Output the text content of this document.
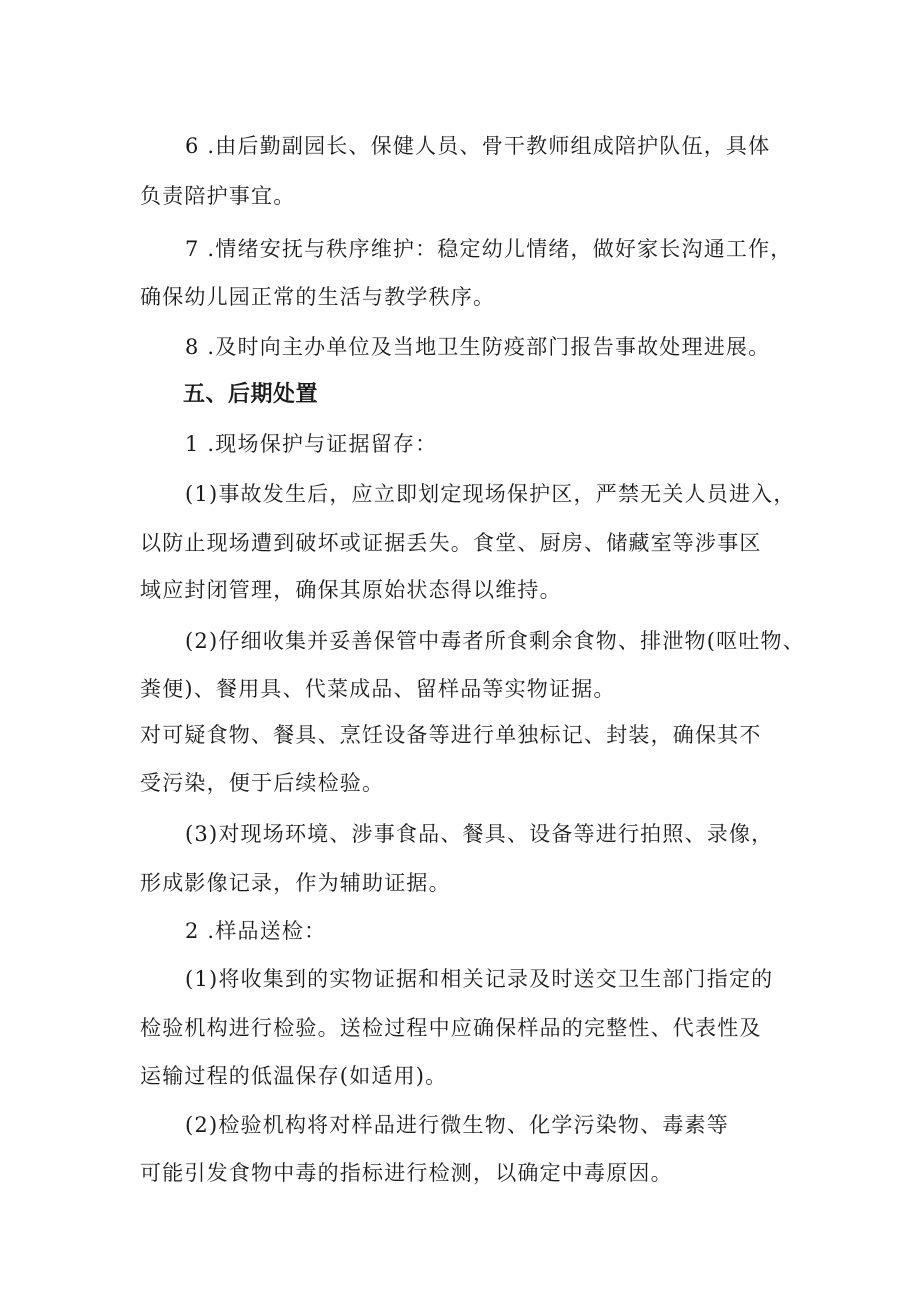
6 .由后勤副园长、保健人员、骨干教师组成陪护队伍，具体
负责陪护事宜。
7 .情绪安抚与秩序维护：稳定幼儿情绪，做好家长沟通工作，
确保幼儿园正常的生活与教学秩序。
8 .及时向主办单位及当地卫生防疫部门报告事故处理进展。
五、后期处置
1 .现场保护与证据留存：
(1)事故发生后，应立即划定现场保护区，严禁无关人员进入，
以防止现场遭到破坏或证据丢失。食堂、厨房、储藏室等涉事区
域应封闭管理，确保其原始状态得以维持。
(2)仔细收集并妥善保管中毒者所食剩余食物、排泄物(呕吐物、
粪便)、餐用具、代菜成品、留样品等实物证据。
对可疑食物、餐具、烹饪设备等进行单独标记、封装，确保其不
受污染，便于后续检验。
(3)对现场环境、涉事食品、餐具、设备等进行拍照、录像，
形成影像记录，作为辅助证据。
2 .样品送检：
(1)将收集到的实物证据和相关记录及时送交卫生部门指定的
检验机构进行检验。送检过程中应确保样品的完整性、代表性及
运输过程的低温保存(如适用)。
(2)检验机构将对样品进行微生物、化学污染物、毒素等
可能引发食物中毒的指标进行检测，以确定中毒原因。
